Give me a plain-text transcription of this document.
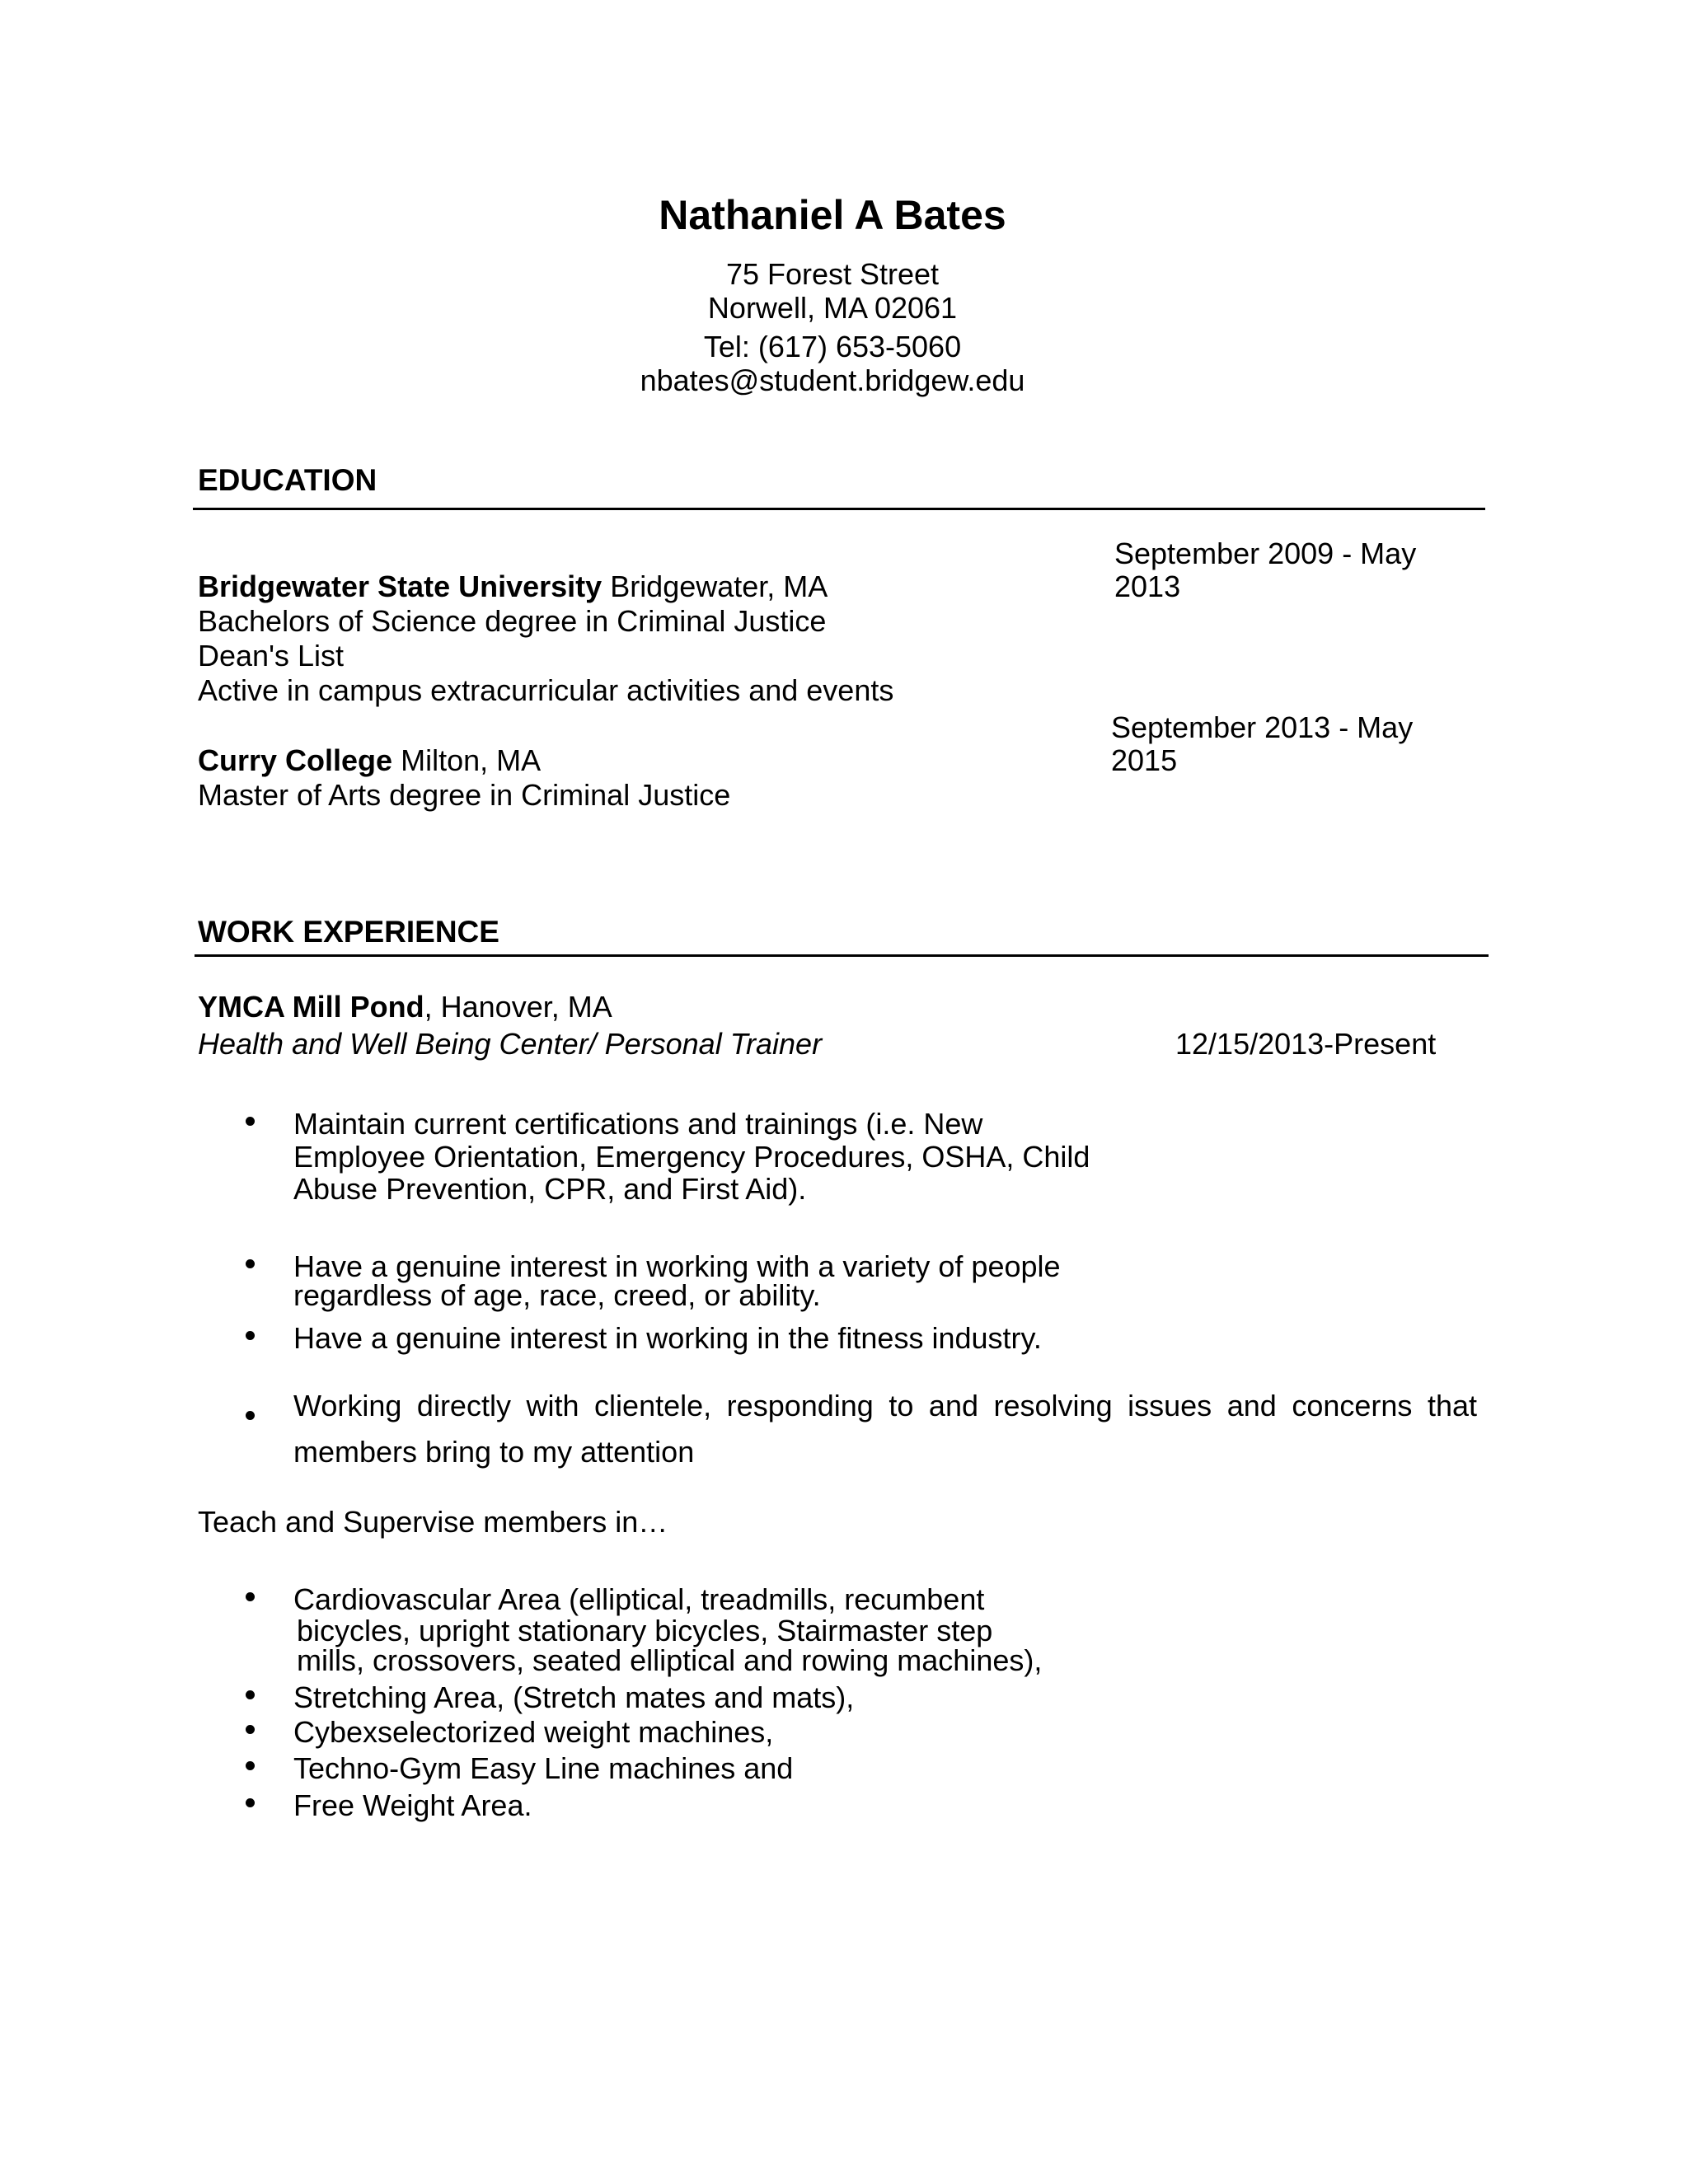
Nathaniel A Bates
75 Forest Street
Norwell, MA 02061
Tel: (617) 653-5060
nbates@student.bridgew.edu
EDUCATION
September 2009 - May
2013
Bridgewater State University Bridgewater, MA
Bachelors of Science degree in Criminal Justice
Dean's List
Active in campus extracurricular activities and events
September 2013 - May
2015
Curry College Milton, MA
Master of Arts degree in Criminal Justice
WORK EXPERIENCE
YMCA Mill Pond, Hanover, MA
Health and Well Being Center/ Personal Trainer	12/15/2013-Present
Maintain current certifications and trainings (i.e. New
Employee Orientation, Emergency Procedures, OSHA, Child
Abuse Prevention, CPR, and First Aid).
Have a genuine interest in working with a variety of people
regardless of age, race, creed, or ability.
Have a genuine interest in working in the fitness industry.
Working directly with clientele, responding to and resolving issues and concerns that
members bring to my attention
Teach and Supervise members in…
Cardiovascular Area (elliptical, treadmills, recumbent
bicycles, upright stationary bicycles, Stairmaster step
mills, crossovers, seated elliptical and rowing machines),
Stretching Area, (Stretch mates and mats),
Cybexselectorized weight machines,
Techno-Gym Easy Line machines and
Free Weight Area.
